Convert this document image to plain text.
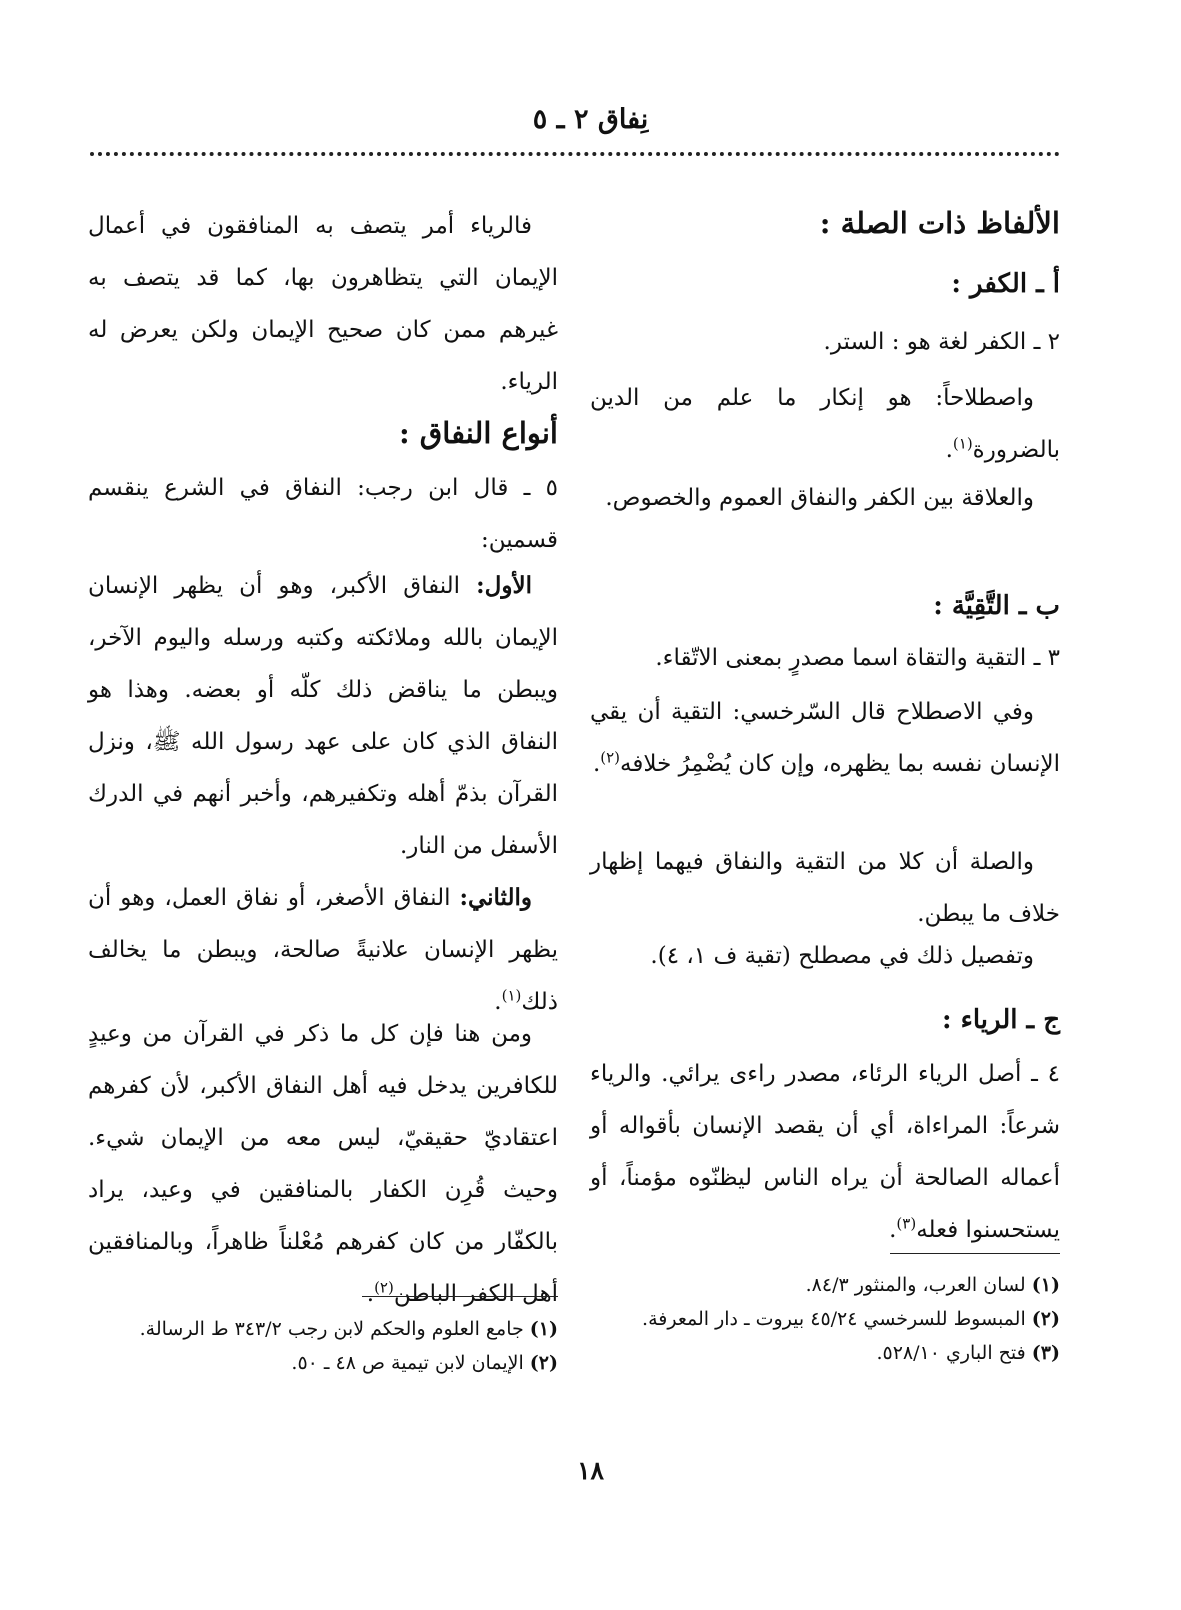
نِفاق ٢ ـ ٥
الألفاظ ذات الصلة :
أ ـ الكفر :
٢ ـ الكفر لغة هو : الستر.
واصطلاحاً: هو إنكار ما علم من الدين بالضرورة$^{(١)}$.
والعلاقة بين الكفر والنفاق العموم والخصوص.
ب ـ التَّقِيَّة :
٣ ـ التقية والتقاة اسما مصدرٍ بمعنى الاتّقاء.
وفي الاصطلاح قال السّرخسي: التقية أن يقي الإنسان نفسه بما يظهره، وإن كان يُضْمِرُ خلافه$^{(٢)}$.
والصلة أن كلا من التقية والنفاق فيهما إظهار خلاف ما يبطن.
وتفصيل ذلك في مصطلح (تقية ف ١، ٤).
ج ـ الرياء :
٤ ـ أصل الرياء الرئاء، مصدر راءى يرائي. والرياء شرعاً: المراءاة، أي أن يقصد الإنسان بأقواله أو أعماله الصالحة أن يراه الناس ليظنّوه مؤمناً، أو يستحسنوا فعله$^{(٣)}$.
(١) لسان العرب، والمنثور ٨٤/٣.
(٢) المبسوط للسرخسي ٤٥/٢٤ بيروت ـ دار المعرفة.
(٣) فتح الباري ٥٢٨/١٠.
فالرياء أمر يتصف به المنافقون في أعمال الإيمان التي يتظاهرون بها، كما قد يتصف به غيرهم ممن كان صحيح الإيمان ولكن يعرض له الرياء.
أنواع النفاق :
٥ ـ قال ابن رجب: النفاق في الشرع ينقسم قسمين:
الأول: النفاق الأكبر، وهو أن يظهر الإنسان الإيمان بالله وملائكته وكتبه ورسله واليوم الآخر، ويبطن ما يناقض ذلك كلّه أو بعضه. وهذا هو النفاق الذي كان على عهد رسول الله ﷺ، ونزل القرآن بذمّ أهله وتكفيرهم، وأخبر أنهم في الدرك الأسفل من النار.
والثاني: النفاق الأصغر، أو نفاق العمل، وهو أن يظهر الإنسان علانيةً صالحة، ويبطن ما يخالف ذلك$^{(١)}$.
ومن هنا فإن كل ما ذكر في القرآن من وعيدٍ للكافرين يدخل فيه أهل النفاق الأكبر، لأن كفرهم اعتقاديّ حقيقيّ، ليس معه من الإيمان شيء. وحيث قُرِن الكفار بالمنافقين في وعيد، يراد بالكفّار من كان كفرهم مُعْلناً ظاهراً، وبالمنافقين أهل الكفر الباطن$^{(٢)}$.
(١) جامع العلوم والحكم لابن رجب ٣٤٣/٢ ط الرسالة.
(٢) الإيمان لابن تيمية ص ٤٨ ـ ٥٠.
١٨
